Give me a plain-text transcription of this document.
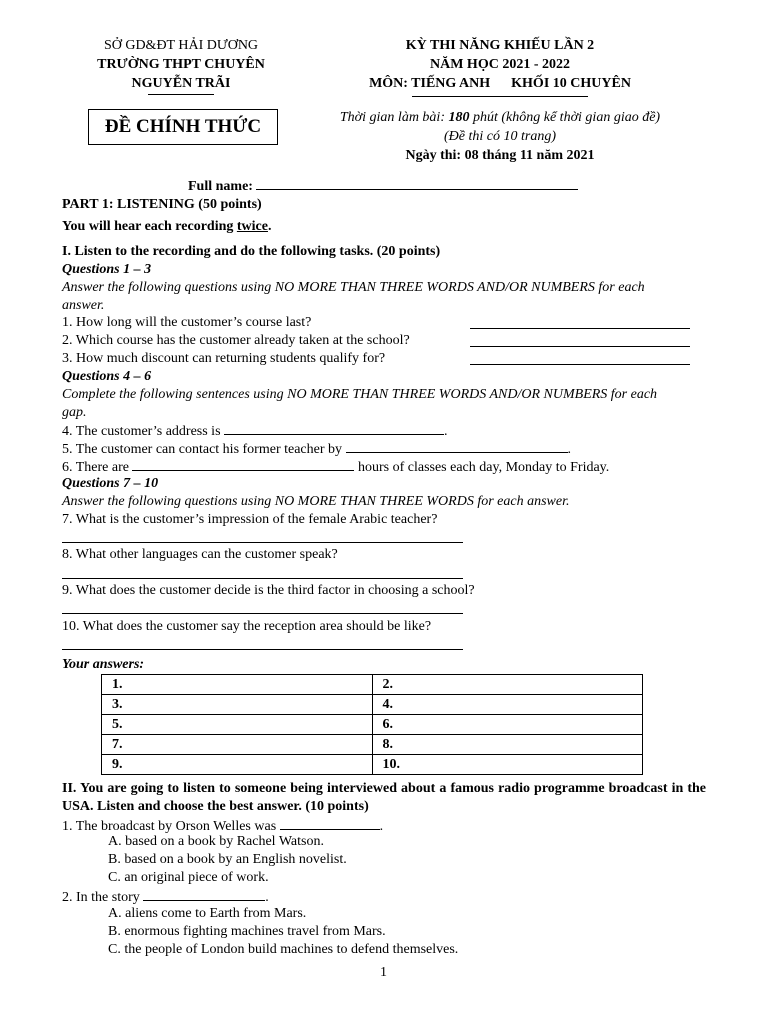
SỞ GD&ĐT HẢI DƯƠNG
TRƯỜNG THPT CHUYÊN
NGUYỄN TRÃI
ĐỀ CHÍNH THỨC
KỲ THI NĂNG KHIẾU LẦN 2
NĂM HỌC 2021 - 2022
MÔN: TIẾNG ANH      KHỐI 10 CHUYÊN
Thời gian làm bài: 180 phút (không kể thời gian giao đề)
(Đề thi có 10 trang)
Ngày thi: 08 tháng 11 năm 2021
Full name:
PART 1: LISTENING (50 points)
You will hear each recording twice.
I. Listen to the recording and do the following tasks. (20 points)
Questions 1 – 3
Answer the following questions using NO MORE THAN THREE WORDS AND/OR NUMBERS for each
answer.
1. How long will the customer’s course last?
2. Which course has the customer already taken at the school?
3. How much discount can returning students qualify for?
Questions 4 – 6
Complete the following sentences using NO MORE THAN THREE WORDS AND/OR NUMBERS for each
gap.
4. The customer’s address is	.
5. The customer can contact his former teacher by	.
6. There are	hours of classes each day, Monday to Friday.
Questions 7 – 10
Answer the following questions using NO MORE THAN THREE WORDS for each answer.
7. What is the customer’s impression of the female Arabic teacher?
8. What other languages can the customer speak?
9. What does the customer decide is the third factor in choosing a school?
10. What does the customer say the reception area should be like?
Your answers:
1.	2.
3.	4.
5.	6.
7.	8.
9.	10.
II. You are going to listen to someone being interviewed about a famous radio programme broadcast in the USA. Listen and choose the best answer. (10 points)
1. The broadcast by Orson Welles was	.
A. based on a book by Rachel Watson.
B. based on a book by an English novelist.
C. an original piece of work.
2. In the story	.
A. aliens come to Earth from Mars.
B. enormous fighting machines travel from Mars.
C. the people of London build machines to defend themselves.
1
